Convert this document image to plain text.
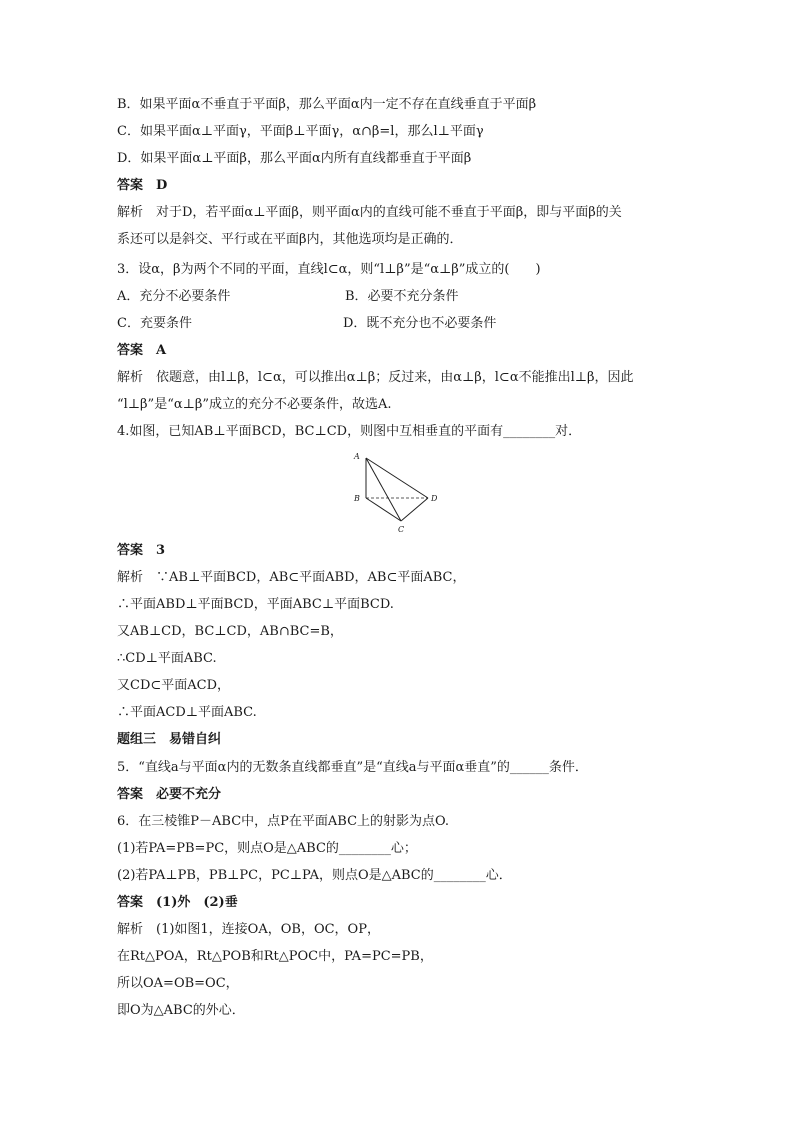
B．如果平面α不垂直于平面β，那么平面α内一定不存在直线垂直于平面β
C．如果平面α⊥平面γ，平面β⊥平面γ，α∩β=l，那么l⊥平面γ
D．如果平面α⊥平面β，那么平面α内所有直线都垂直于平面β
答案　D
解析　对于D，若平面α⊥平面β，则平面α内的直线可能不垂直于平面β，即与平面β的关
系还可以是斜交、平行或在平面β内，其他选项均是正确的．
3．设α，β为两个不同的平面，直线l⊂α，则“l⊥β”是“α⊥β”成立的(　　)
A．充分不必要条件	B．必要不充分条件
C．充要条件	D．既不充分也不必要条件
答案　A
解析　依题意，由l⊥β，l⊂α，可以推出α⊥β；反过来，由α⊥β，l⊂α不能推出l⊥β，因此
“l⊥β”是“α⊥β”成立的充分不必要条件，故选A.
4.如图，已知AB⊥平面BCD，BC⊥CD，则图中互相垂直的平面有________对．
A
B
C
D
答案　3
解析　∵AB⊥平面BCD，AB⊂平面ABD，AB⊂平面ABC，
∴平面ABD⊥平面BCD，平面ABC⊥平面BCD.
又AB⊥CD，BC⊥CD，AB∩BC=B，
∴CD⊥平面ABC.
又CD⊂平面ACD，
∴平面ACD⊥平面ABC.
题组三　易错自纠
5．“直线a与平面α内的无数条直线都垂直”是“直线a与平面α垂直”的______条件．
答案　必要不充分
6．在三棱锥P－ABC中，点P在平面ABC上的射影为点O.
(1)若PA=PB=PC，则点O是△ABC的________心；
(2)若PA⊥PB，PB⊥PC，PC⊥PA，则点O是△ABC的________心．
答案　(1)外　(2)垂
解析　(1)如图1，连接OA，OB，OC，OP，
在Rt△POA，Rt△POB和Rt△POC中，PA=PC=PB，
所以OA=OB=OC，
即O为△ABC的外心．
